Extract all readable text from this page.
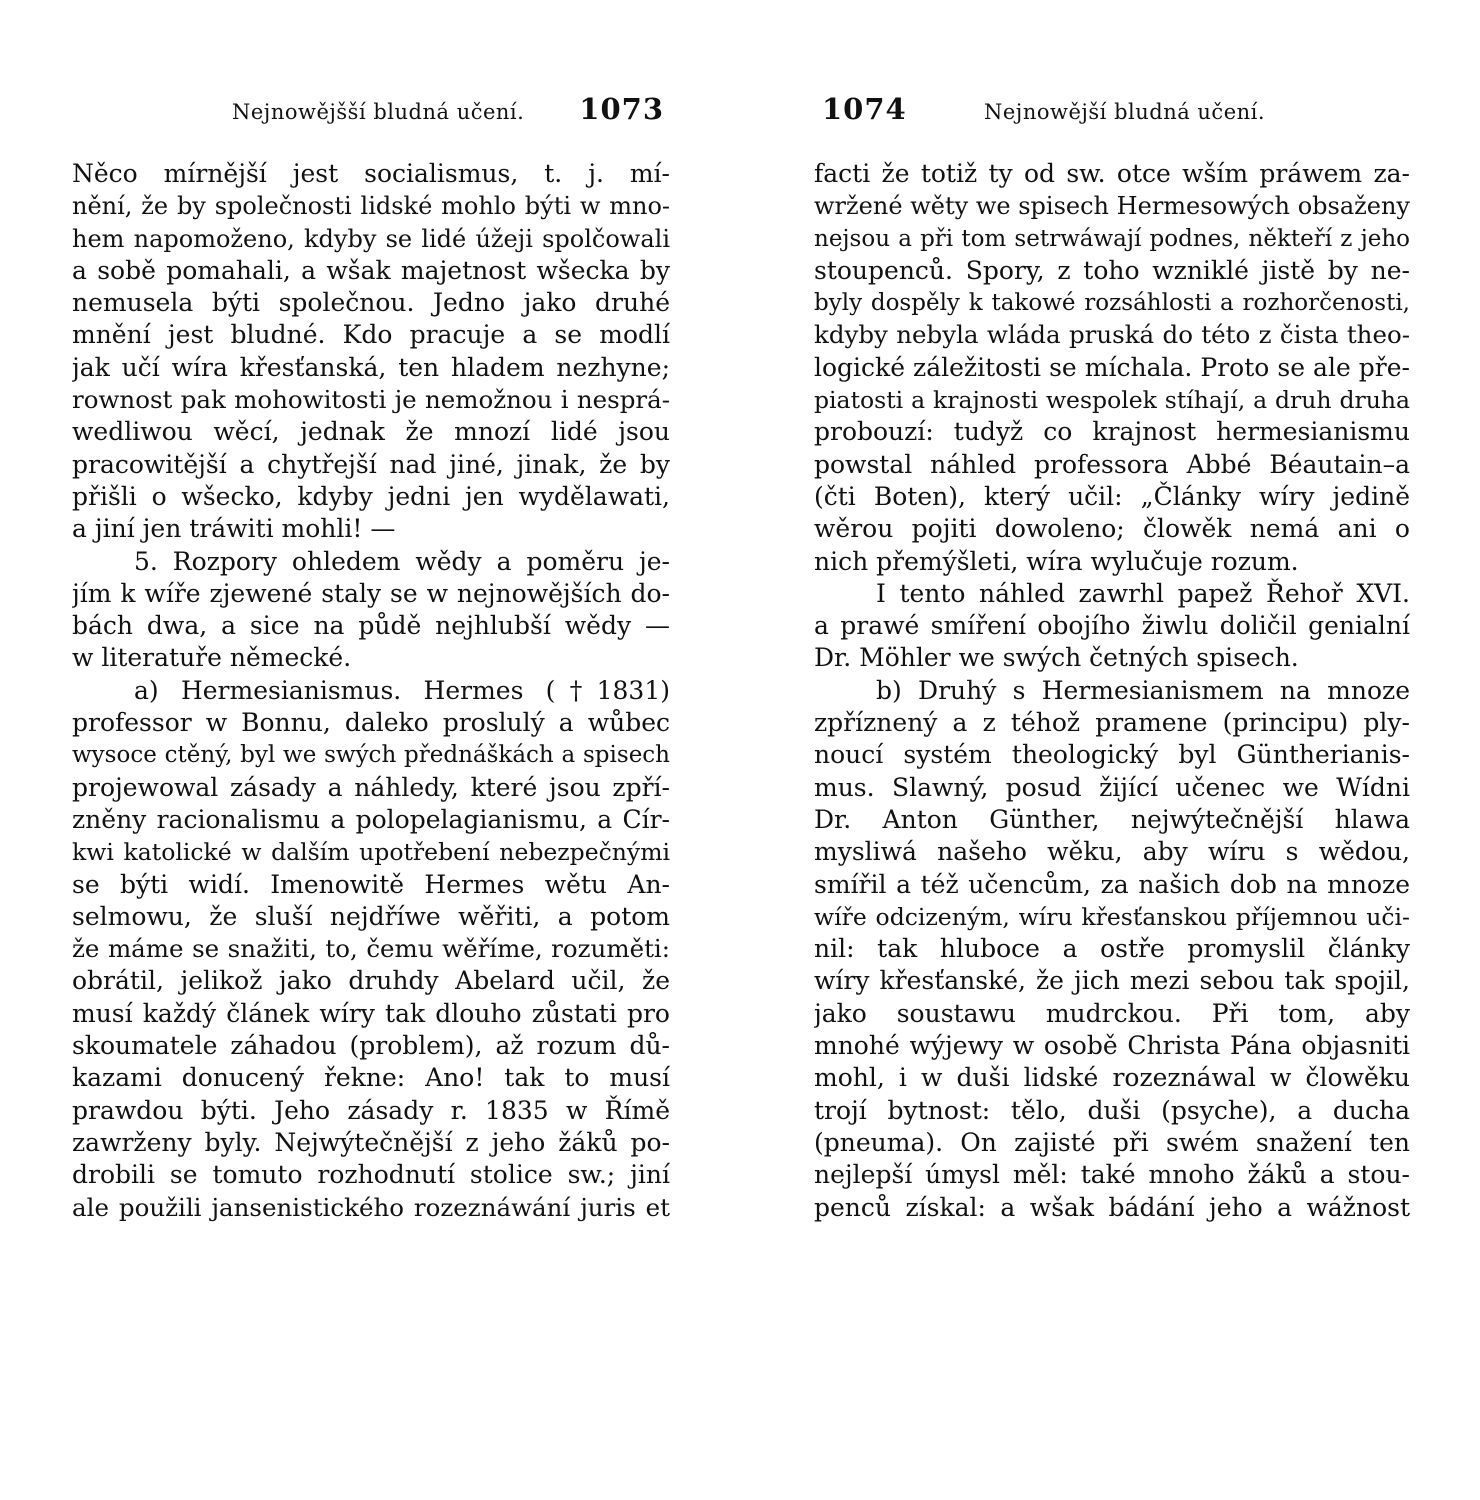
Nejnowějšší bludná učení. 1073
Něco mírnější jest socialismus, t. j. mí-
nění, že by společnosti lidské mohlo býti w mno-
hem napomoženo, kdyby se lidé úžeji spolčowali
a sobě pomahali, a wšak majetnost wšecka by
nemusela býti společnou. Jedno jako druhé
mnění jest bludné. Kdo pracuje a se modlí
jak učí wíra křesťanská, ten hladem nezhyne;
rownost pak mohowitosti je nemožnou i nesprá-
wedliwou wěcí, jednak že mnozí lidé jsou
pracowitější a chytřejší nad jiné, jinak, že by
přišli o wšecko, kdyby jedni jen wydělawati,
a jiní jen tráwiti mohli! —
5. Rozpory ohledem wědy a poměru je-
jím k wíře zjewené staly se w nejnowějších do-
bách dwa, a sice na půdě nejhlubší wědy —
w literatuře německé.
a) Hermesianismus. Hermes (†1831)
professor w Bonnu, daleko proslulý a wůbec
wysoce ctěný, byl we swých přednáškách a spisech
projewowal zásady a náhledy, které jsou zpří-
zněny racionalismu a polopelagianismu, a Cír-
kwi katolické w dalším upotřebení nebezpečnými
se býti widí. Imenowitě Hermes wětu An-
selmowu, že sluší nejdříwe wěřiti, a potom
že máme se snažiti, to, čemu wěříme, rozuměti:
obrátil, jelikož jako druhdy Abelard učil, že
musí každý článek wíry tak dlouho zůstati pro
skoumatele záhadou (problem), až rozum dů-
kazami donucený řekne: Ano! tak to musí
prawdou býti. Jeho zásady r. 1835 w Římě
zawrženy byly. Nejwýtečnější z jeho žáků po-
drobili se tomuto rozhodnutí stolice sw.; jiní
ale použili jansenistického rozeznáwání juris et
1074	Nejnowější bludná učení.
facti že totiž ty od sw. otce wším práwem za-
wržené wěty we spisech Hermesowých obsaženy
nejsou a při tom setrwáwají podnes, někteří z jeho
stoupenců. Spory, z toho wzniklé jistě by ne-
byly dospěly k takowé rozsáhlosti a rozhorčenosti,
kdyby nebyla wláda pruská do této z čista theo-
logické záležitosti se míchala. Proto se ale pře-
piatosti a krajnosti wespolek stíhají, a druh druha
probouzí: tudyž co krajnost hermesianismu
powstal náhled professora Abbé Béautain–a
(čti Boten), který učil: „Články wíry jedině
wěrou pojiti dowoleno; člowěk nemá ani o
nich přemýšleti, wíra wylučuje rozum.
I tento náhled zawrhl papež Řehoř XVI.
a prawé smíření obojího žiwlu doličil genialní
Dr. Möhler we swých četných spisech.
b) Druhý s Hermesianismem na mnoze
zpříznený a z téhož pramene (principu) ply-
noucí systém theologický byl Güntherianis-
mus. Slawný, posud žijící učenec we Wídni
Dr. Anton Günther, nejwýtečnější hlawa
mysliwá našeho wěku, aby wíru s wědou,
smířil a též učencům, za našich dob na mnoze
wíře odcizeným, wíru křesťanskou příjemnou uči-
nil: tak hluboce a ostře promyslil články
wíry křesťanské, že jich mezi sebou tak spojil,
jako soustawu mudrckou. Při tom, aby
mnohé wýjewy w osobě Christa Pána objasniti
mohl, i w duši lidské rozeznáwal w člowěku
trojí bytnost: tělo, duši (psyche), a ducha
(pneuma). On zajisté při swém snažení ten
nejlepší úmysl měl: také mnoho žáků a stou-
penců získal: a wšak bádání jeho a wážnost
